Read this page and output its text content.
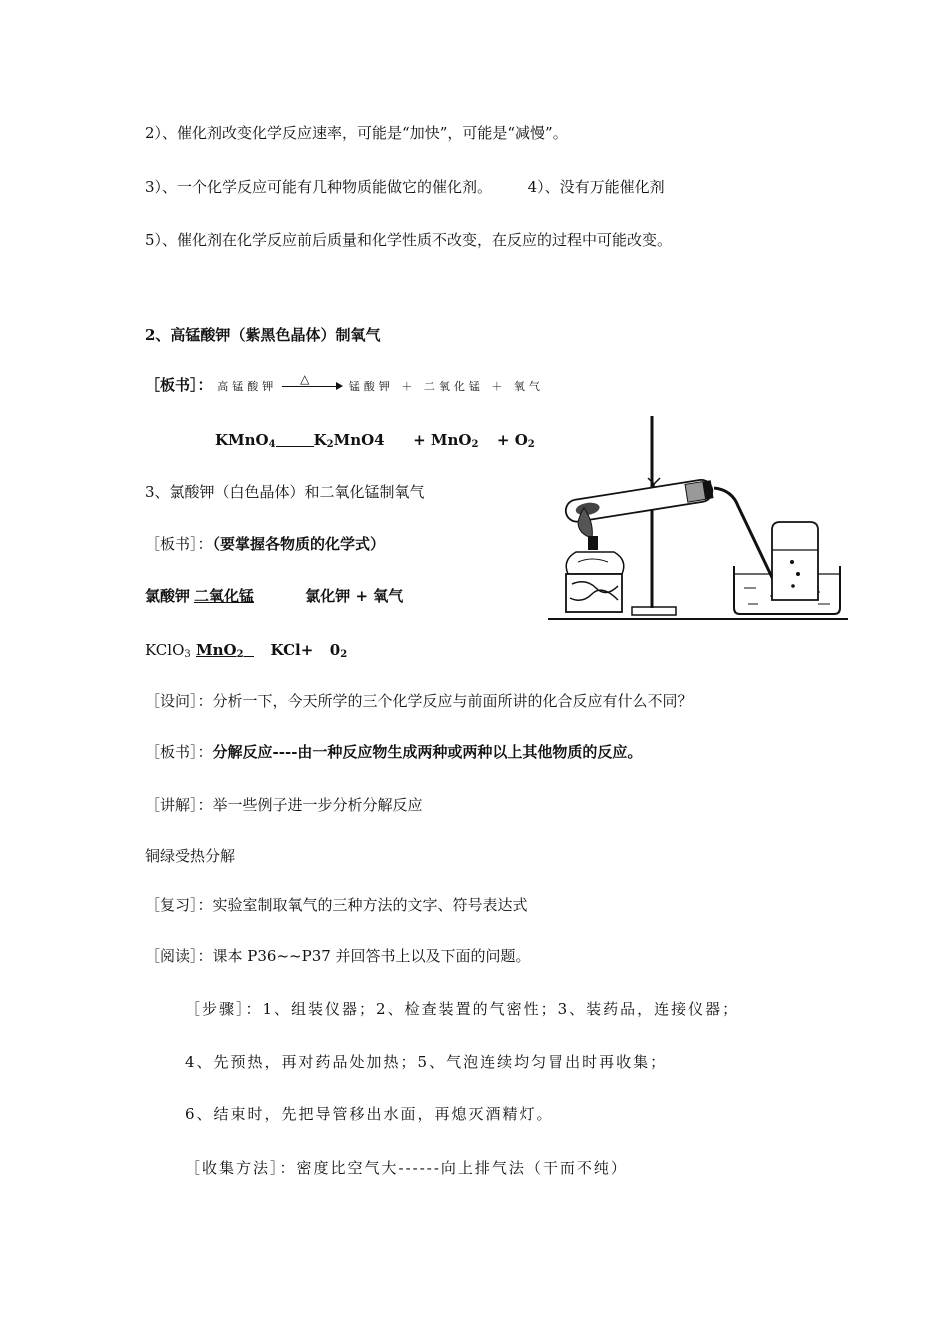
2）、催化剂改变化学反应速率，可能是“加快”，可能是“减慢”。
3）、一个化学反应可能有几种物质能做它的催化剂。 4）、没有万能催化剂
5）、催化剂在化学反应前后质量和化学性质不改变，在反应的过程中可能改变。
2、高锰酸钾（紫黑色晶体）制氧气
［板书］： 高锰酸钾
△
锰酸钾 ＋ 二氧化锰 ＋ 氧气
KMnO$_4$	$K_2MnO4 + MnO_2 + O_2$
3、氯酸钾（白色晶体）和二氧化锰制氧气
［板书］：（要掌握各物质的化学式）
氯酸钾 二氧化锰	氯化钾 + 氧气
KClO$_3$ MnO$_2$ $KCl+ 0_2$
［设问］：分析一下，今天所学的三个化学反应与前面所讲的化合反应有什么不同？
［板书］：分解反应----由一种反应物生成两种或两种以上其他物质的反应。
［讲解］：举一些例子进一步分析分解反应
铜绿受热分解
［复习］：实验室制取氧气的三种方法的文字、符号表达式
［阅读］：课本 P36~~P37 并回答书上以及下面的问题。
［步骤］：1、组装仪器；2、检查装置的气密性；3、装药品，连接仪器；
4、先预热，再对药品处加热；5、气泡连续均匀冒出时再收集；
6、结束时，先把导管移出水面，再熄灭酒精灯。
［收集方法］：密度比空气大------向上排气法（干而不纯）
